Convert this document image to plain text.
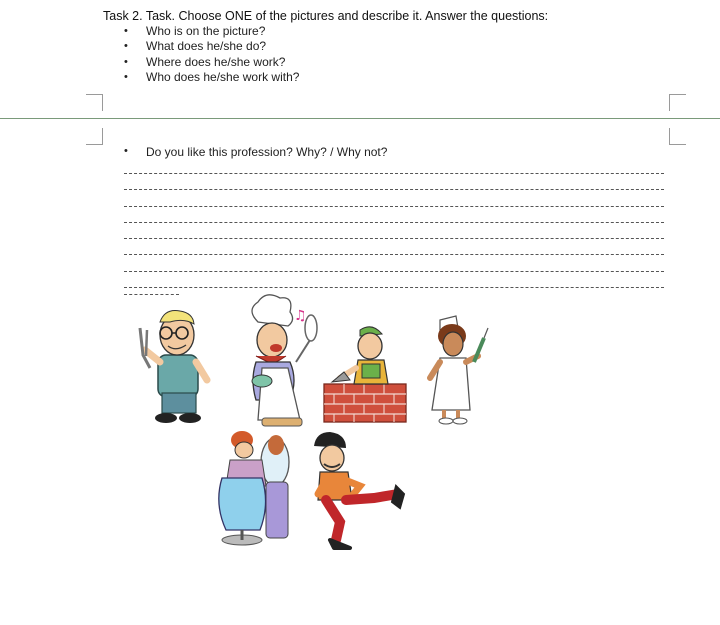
Task 2. Task. Choose ONE of the pictures and describe it. Answer the questions:
• Who is on the picture?
• What does he/she do?
• Where does he/she work?
• Who does he/she work with?
• Do you like this profession? Why? / Why not?
♫
